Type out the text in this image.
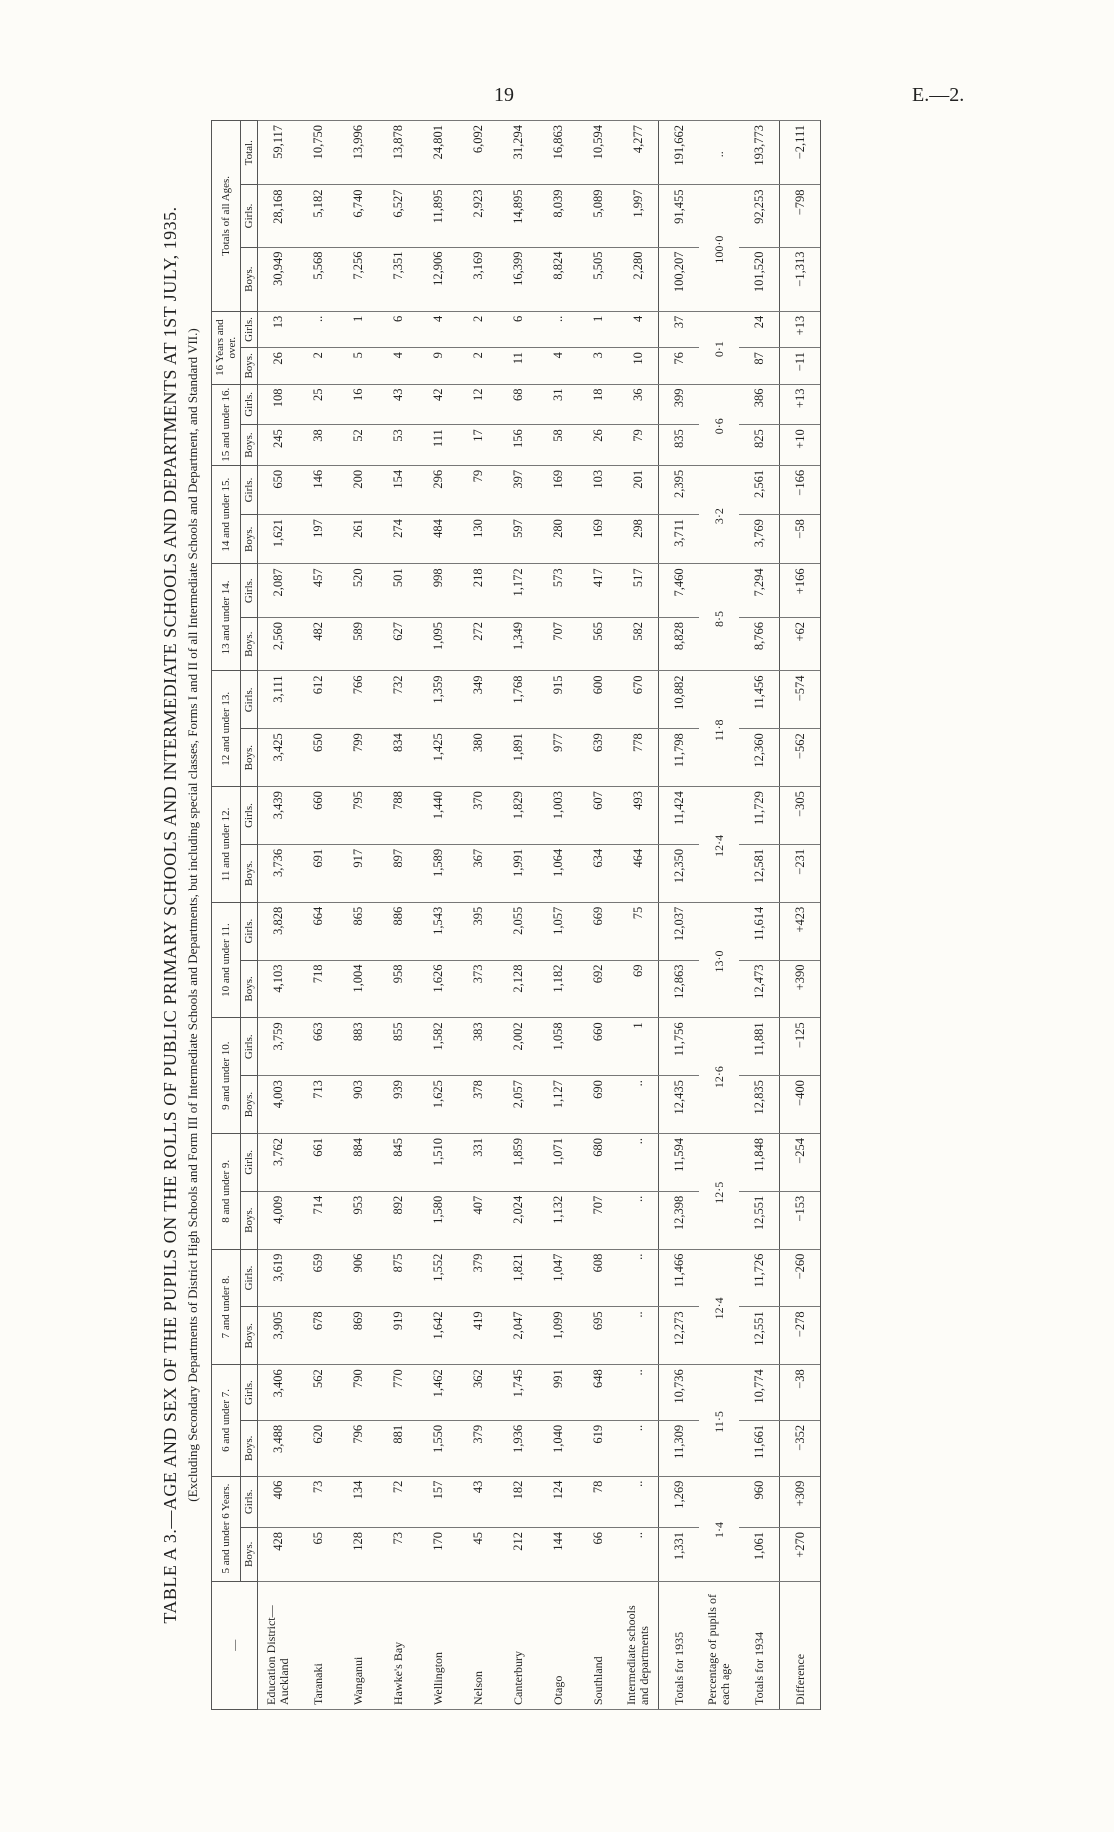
19	E.—2.
TABLE A 3.—AGE AND SEX OF THE PUPILS ON THE ROLLS OF PUBLIC PRIMARY SCHOOLS AND INTERMEDIATE SCHOOLS AND DEPARTMENTS AT 1ST JULY, 1935. (Excluding Secondary Departments of District High Schools and Form III of Intermediate Schools and Departments, but including special classes, Forms I and II of all Intermediate Schools and Department, and Standard VII.)
—	5 and under 6 Years.		6 and under 7.		7 and under 8.		8 and under 9.		9 and under 10.		10 and under 11.		11 and under 12.		12 and under 13.		13 and under 14.		14 and under 15.		15 and under 16.		16 Years and over.		Totals of all Ages.		
	Boys.	Girls.	Boys.	Girls.	Boys.	Girls.	Boys.	Girls.	Boys.	Girls.	Boys.	Girls.	Boys.	Girls.	Boys.	Girls.	Boys.	Girls.	Boys.	Girls.	Boys.	Girls.	Boys.	Girls.	Boys.	Girls.	Total.
Education District— Auckland	428	406	3,488	3,406	3,905	3,619	4,009	3,762	4,003	3,759	4,103	3,828	3,736	3,439	3,425	3,111	2,560	2,087	1,621	650	245	108	26	13	30,949	28,168	59,117
Taranaki	65	73	620	562	678	659	714	661	713	663	718	664	691	660	650	612	482	457	197	146	38	25	2	..	5,568	5,182	10,750
Wanganui	128	134	796	790	869	906	953	884	903	883	1,004	865	917	795	799	766	589	520	261	200	52	16	5	1	7,256	6,740	13,996
Hawke's Bay	73	72	881	770	919	875	892	845	939	855	958	886	897	788	834	732	627	501	274	154	53	43	4	6	7,351	6,527	13,878
Wellington	170	157	1,550	1,462	1,642	1,552	1,580	1,510	1,625	1,582	1,626	1,543	1,589	1,440	1,425	1,359	1,095	998	484	296	111	42	9	4	12,906	11,895	24,801
Nelson	45	43	379	362	419	379	407	331	378	383	373	395	367	370	380	349	272	218	130	79	17	12	2	2	3,169	2,923	6,092
Canterbury	212	182	1,936	1,745	2,047	1,821	2,024	1,859	2,057	2,002	2,128	2,055	1,991	1,829	1,891	1,768	1,349	1,172	597	397	156	68	11	6	16,399	14,895	31,294
Otago	144	124	1,040	991	1,099	1,047	1,132	1,071	1,127	1,058	1,182	1,057	1,064	1,003	977	915	707	573	280	169	58	31	4	..	8,824	8,039	16,863
Southland	66	78	619	648	695	608	707	680	690	660	692	669	634	607	639	600	565	417	169	103	26	18	3	1	5,505	5,089	10,594
Intermediate schools and departments	..	..	..	..	..	..	..	..	..	1	69	75	464	493	778	670	582	517	298	201	79	36	10	4	2,280	1,997	4,277
Totals for 1935	1,331	1,269	11,309	10,736	12,273	11,466	12,398	11,594	12,435	11,756	12,863	12,037	12,350	11,424	11,798	10,882	8,828	7,460	3,711	2,395	835	399	76	37	100,207	91,455	191,662
Percentage of pupils of each age	1·4		11·5		12·4		12·5		12·6		13·0		12·4		11·8		8·5		3·2		0·6		0·1		100·0		..
Totals for 1934	1,061	960	11,661	10,774	12,551	11,726	12,551	11,848	12,835	11,881	12,473	11,614	12,581	11,729	12,360	11,456	8,766	7,294	3,769	2,561	825	386	87	24	101,520	92,253	193,773
Difference	+270	+309	−352	−38	−278	−260	−153	−254	−400	−125	+390	+423	−231	−305	−562	−574	+62	+166	−58	−166	+10	+13	−11	+13	−1,313	−798	−2,111
